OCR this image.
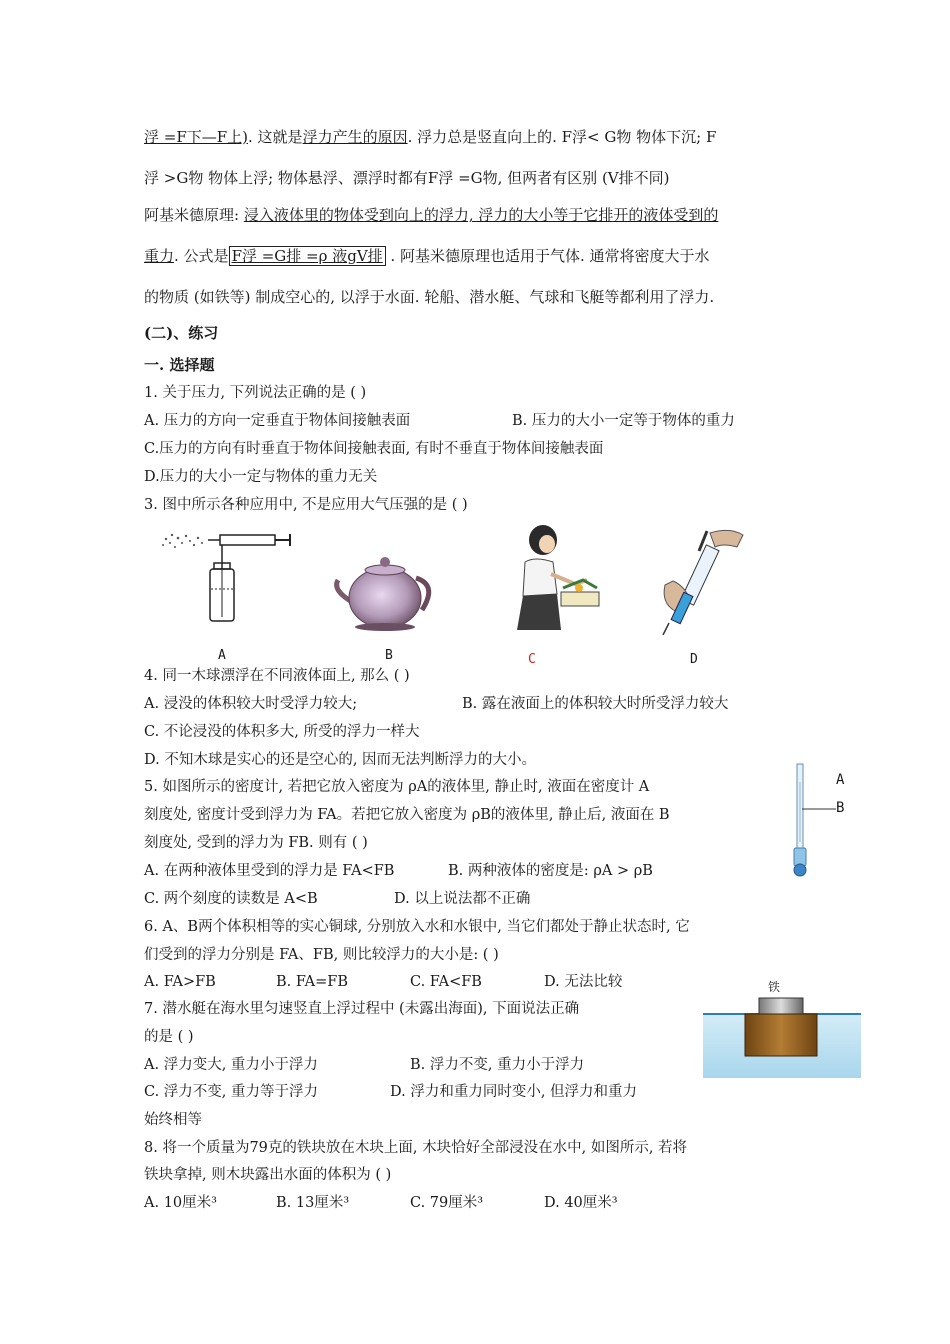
浮 =F下—F上). 这就是浮力产生的原因. 浮力总是竖直向上的. F浮< G物 物体下沉; F
浮 >G物 物体上浮; 物体悬浮、漂浮时都有F浮 =G物, 但两者有区别 (V排不同)
阿基米德原理: 浸入液体里的物体受到向上的浮力, 浮力的大小等于它排开的液体受到的
重力. 公式是 F浮 =G排 =ρ 液gV排 . 阿基米德原理也适用于气体. 通常将密度大于水
的物质 (如铁等) 制成空心的, 以浮于水面. 轮船、潜水艇、气球和飞艇等都利用了浮力.
(二)、练习
一. 选择题
1. 关于压力, 下列说法正确的是 ( )
A. 压力的方向一定垂直于物体间接触表面	B. 压力的大小一定等于物体的重力
C.压力的方向有时垂直于物体间接触表面, 有时不垂直于物体间接触表面
D.压力的大小一定与物体的重力无关
3. 图中所示各种应用中, 不是应用大气压强的是 ( )
A	B	C	D
4. 同一木球漂浮在不同液体面上, 那么 ( )
A. 浸没的体积较大时受浮力较大;	B. 露在液面上的体积较大时所受浮力较大
C. 不论浸没的体积多大, 所受的浮力一样大
D. 不知木球是实心的还是空心的, 因而无法判断浮力的大小。
5. 如图所示的密度计, 若把它放入密度为 ρA的液体里, 静止时, 液面在密度计 A
刻度处, 密度计受到浮力为 FA。若把它放入密度为 ρB的液体里, 静止后, 液面在 B
刻度处, 受到的浮力为 FB. 则有 ( )
A. 在两种液体里受到的浮力是 FA<FB	B. 两种液体的密度是: ρA > ρB
C. 两个刻度的读数是 A<B	D. 以上说法都不正确
A
B
6. A、B两个体积相等的实心铜球, 分别放入水和水银中, 当它们都处于静止状态时, 它
们受到的浮力分别是 FA、FB, 则比较浮力的大小是: ( )
A. FA>FB	B. FA=FB	C. FA<FB	D. 无法比较
7. 潜水艇在海水里匀速竖直上浮过程中 (未露出海面), 下面说法正确
的是 ( )
A. 浮力变大, 重力小于浮力	B. 浮力不变, 重力小于浮力
C. 浮力不变, 重力等于浮力	D. 浮力和重力同时变小, 但浮力和重力
始终相等
铁
8. 将一个质量为79克的铁块放在木块上面, 木块恰好全部浸没在水中, 如图所示, 若将
铁块拿掉, 则木块露出水面的体积为 ( )
A. 10厘米³	B. 13厘米³	C. 79厘米³	D. 40厘米³
